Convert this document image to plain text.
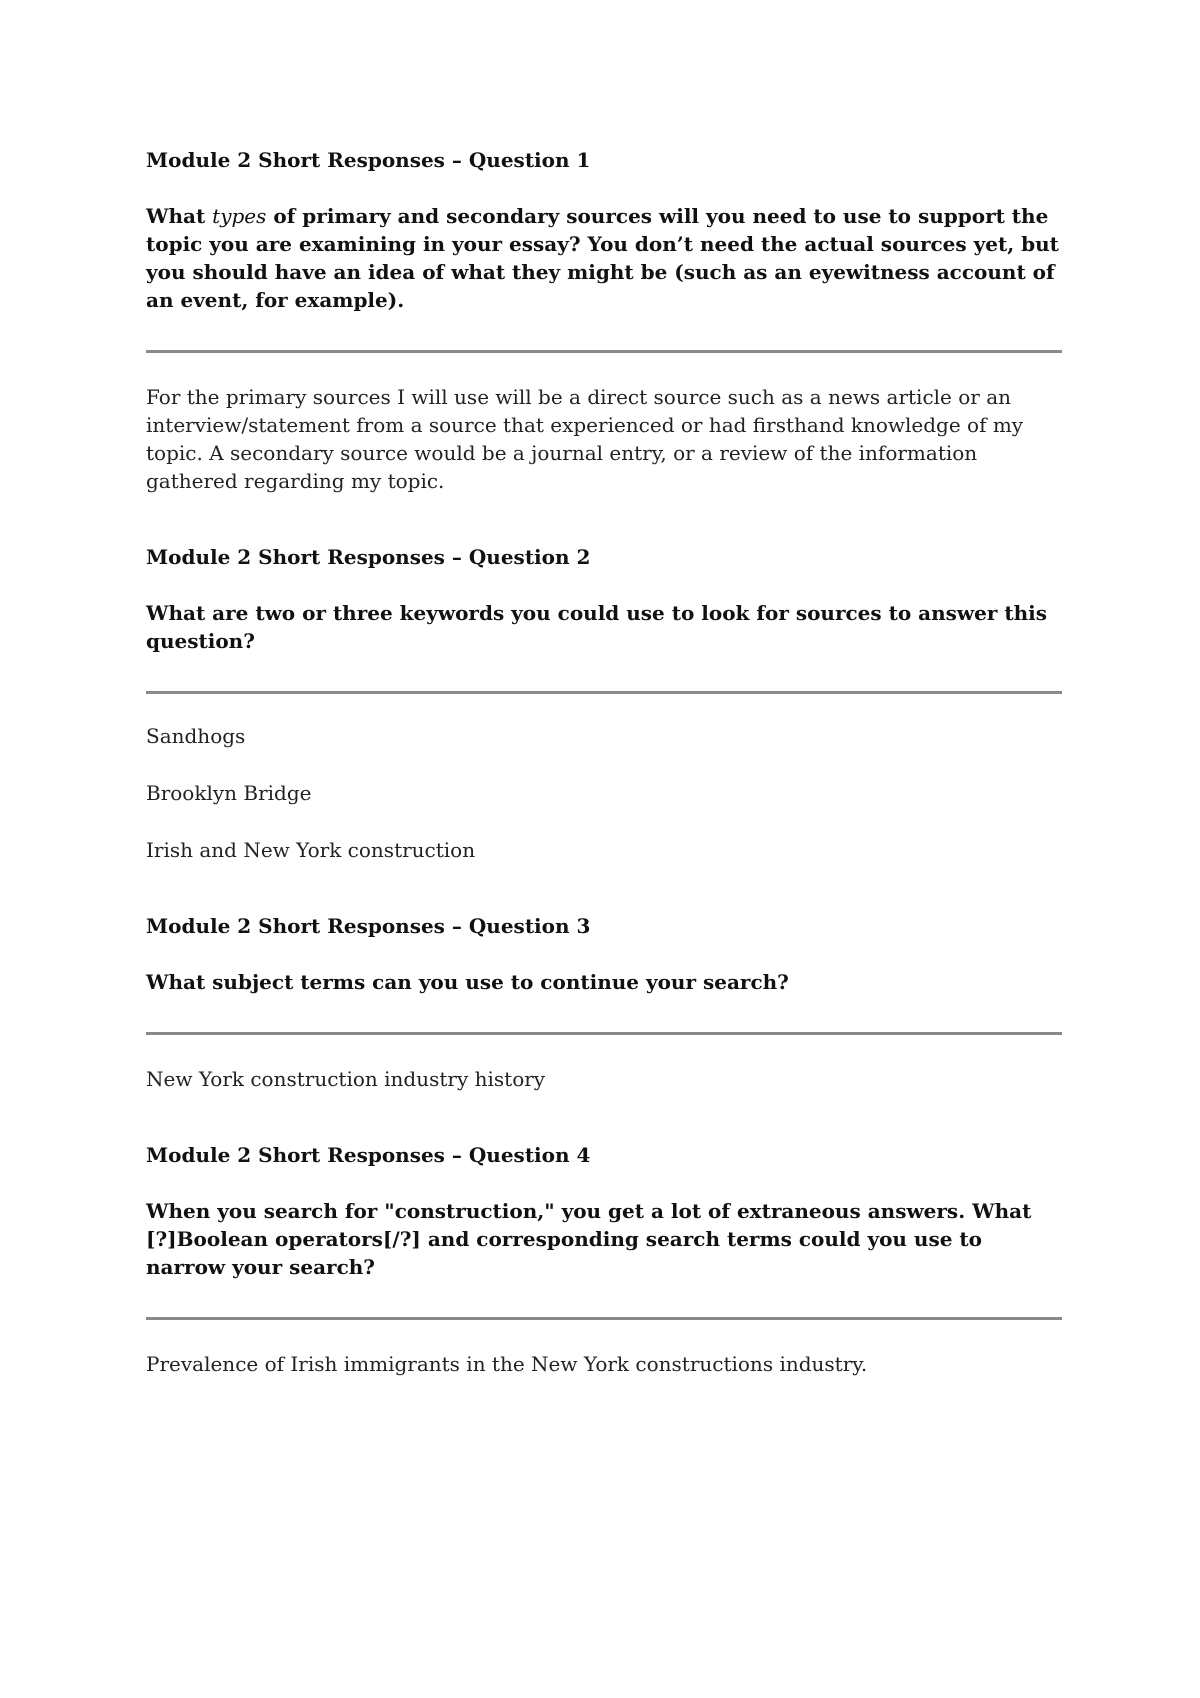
Module 2 Short Responses – Question 1

What types of primary and secondary sources will you need to use to support the topic you are examining in your essay? You don’t need the actual sources yet, but you should have an idea of what they might be (such as an eyewitness account of an event, for example).

For the primary sources I will use will be a direct source such as a news article or an interview/statement from a source that experienced or had firsthand knowledge of my topic. A secondary source would be a journal entry, or a review of the information gathered regarding my topic.

Module 2 Short Responses – Question 2

What are two or three keywords you could use to look for sources to answer this question?

Sandhogs

Brooklyn Bridge

Irish and New York construction

Module 2 Short Responses – Question 3

What subject terms can you use to continue your search?

New York construction industry history

Module 2 Short Responses – Question 4

When you search for "construction," you get a lot of extraneous answers. What [?]Boolean operators[/?] and corresponding search terms could you use to narrow your search?

Prevalence of Irish immigrants in the New York constructions industry.
